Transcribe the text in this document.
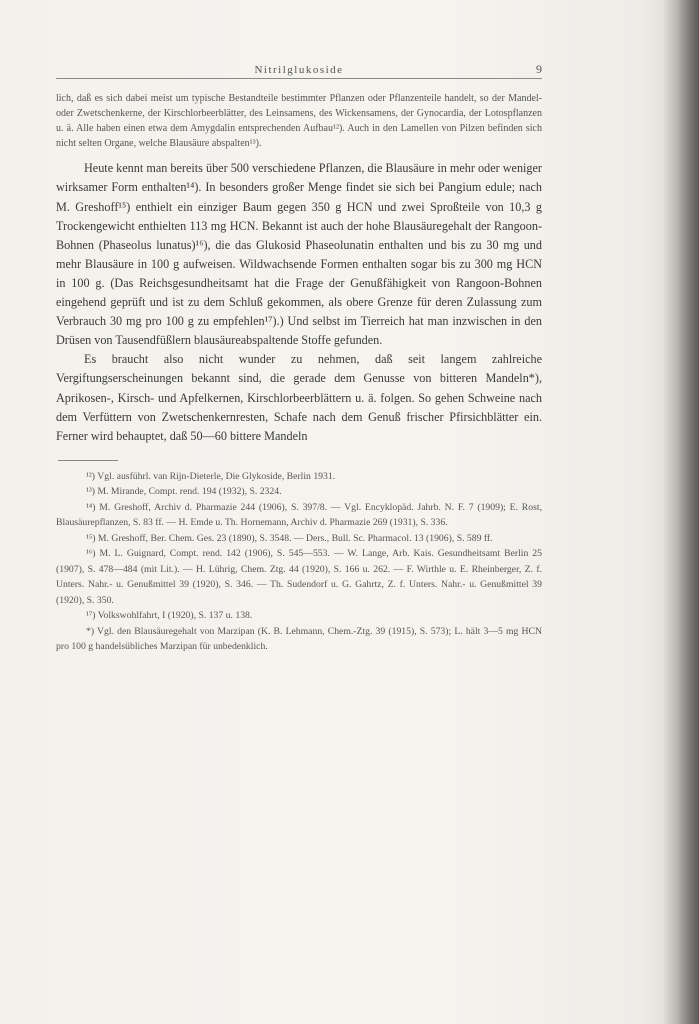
Nitrilglukoside	9

lich, daß es sich dabei meist um typische Bestandteile bestimmter Pflanzen oder Pflanzenteile handelt, so der Mandel- oder Zwetschenkerne, der Kirschlorbeerblätter, des Leinsamens, des Wickensamens, der Gynocardia, der Lotospflanzen u. ä. Alle haben einen etwa dem Amygdalin entsprechenden Aufbau¹²). Auch in den Lamellen von Pilzen befinden sich nicht selten Organe, welche Blausäure abspalten¹³).

Heute kennt man bereits über 500 verschiedene Pflanzen, die Blausäure in mehr oder weniger wirksamer Form enthalten¹⁴). In besonders großer Menge findet sie sich bei Pangium edule; nach M. Greshoff¹⁵) enthielt ein einziger Baum gegen 350 g HCN und zwei Sproßteile von 10,3 g Trockengewicht enthielten 113 mg HCN. Bekannt ist auch der hohe Blausäuregehalt der Rangoon-Bohnen (Phaseolus lunatus)¹⁶), die das Glukosid Phaseolunatin enthalten und bis zu 30 mg und mehr Blausäure in 100 g aufweisen. Wildwachsende Formen enthalten sogar bis zu 300 mg HCN in 100 g. (Das Reichsgesundheitsamt hat die Frage der Genußfähigkeit von Rangoon-Bohnen eingehend geprüft und ist zu dem Schluß gekommen, als obere Grenze für deren Zulassung zum Verbrauch 30 mg pro 100 g zu empfehlen¹⁷).) Und selbst im Tierreich hat man inzwischen in den Drüsen von Tausendfüßlern blausäureabspaltende Stoffe gefunden.

Es braucht also nicht wunder zu nehmen, daß seit langem zahlreiche Vergiftungserscheinungen bekannt sind, die gerade dem Genusse von bitteren Mandeln*), Aprikosen-, Kirsch- und Apfelkernen, Kirschlorbeerblättern u. ä. folgen. So gehen Schweine nach dem Verfüttern von Zwetschenkernresten, Schafe nach dem Genuß frischer Pfirsichblätter ein. Ferner wird behauptet, daß 50—60 bittere Mandeln

¹²) Vgl. ausführl. van Rijn-Dieterle, Die Glykoside, Berlin 1931.

¹³) M. Mirande, Compt. rend. 194 (1932), S. 2324.

¹⁴) M. Greshoff, Archiv d. Pharmazie 244 (1906), S. 397/8. — Vgl. Encyklopäd. Jahrb. N. F. 7 (1909); E. Rost, Blausäurepflanzen, S. 83 ff. — H. Emde u. Th. Hornemann, Archiv d. Pharmazie 269 (1931), S. 336.

¹⁵) M. Greshoff, Ber. Chem. Ges. 23 (1890), S. 3548. — Ders., Bull. Sc. Pharmacol. 13 (1906), S. 589 ff.

¹⁶) M. L. Guignard, Compt. rend. 142 (1906), S. 545—553. — W. Lange, Arb. Kais. Gesundheitsamt Berlin 25 (1907), S. 478—484 (mit Lit.). — H. Lührig, Chem. Ztg. 44 (1920), S. 166 u. 262. — F. Wirthle u. E. Rheinberger, Z. f. Unters. Nahr.- u. Genußmittel 39 (1920), S. 346. — Th. Sudendorf u. G. Gahrtz, Z. f. Unters. Nahr.- u. Genußmittel 39 (1920), S. 350.

¹⁷) Volkswohlfahrt, I (1920), S. 137 u. 138.

*) Vgl. den Blausäuregehalt von Marzipan (K. B. Lehmann, Chem.-Ztg. 39 (1915), S. 573); L. hält 3—5 mg HCN pro 100 g handelsübliches Marzipan für unbedenklich.
